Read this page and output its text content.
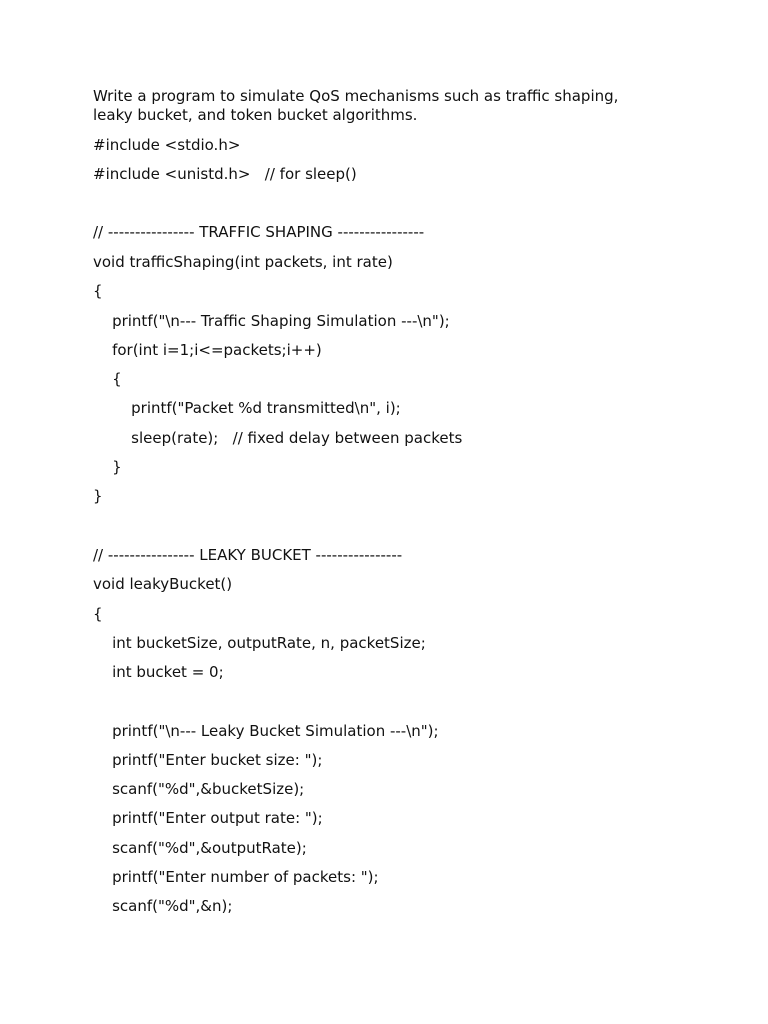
Write a program to simulate QoS mechanisms such as traffic shaping,
leaky bucket, and token bucket algorithms.
#include <stdio.h>
#include <unistd.h>   // for sleep()
// ---------------- TRAFFIC SHAPING ----------------
void trafficShaping(int packets, int rate)
{
printf("\n--- Traffic Shaping Simulation ---\n");
for(int i=1;i<=packets;i++)
{
printf("Packet %d transmitted\n", i);
sleep(rate);   // fixed delay between packets
}
}
// ---------------- LEAKY BUCKET ----------------
void leakyBucket()
{
int bucketSize, outputRate, n, packetSize;
int bucket = 0;
printf("\n--- Leaky Bucket Simulation ---\n");
printf("Enter bucket size: ");
scanf("%d",&bucketSize);
printf("Enter output rate: ");
scanf("%d",&outputRate);
printf("Enter number of packets: ");
scanf("%d",&n);
